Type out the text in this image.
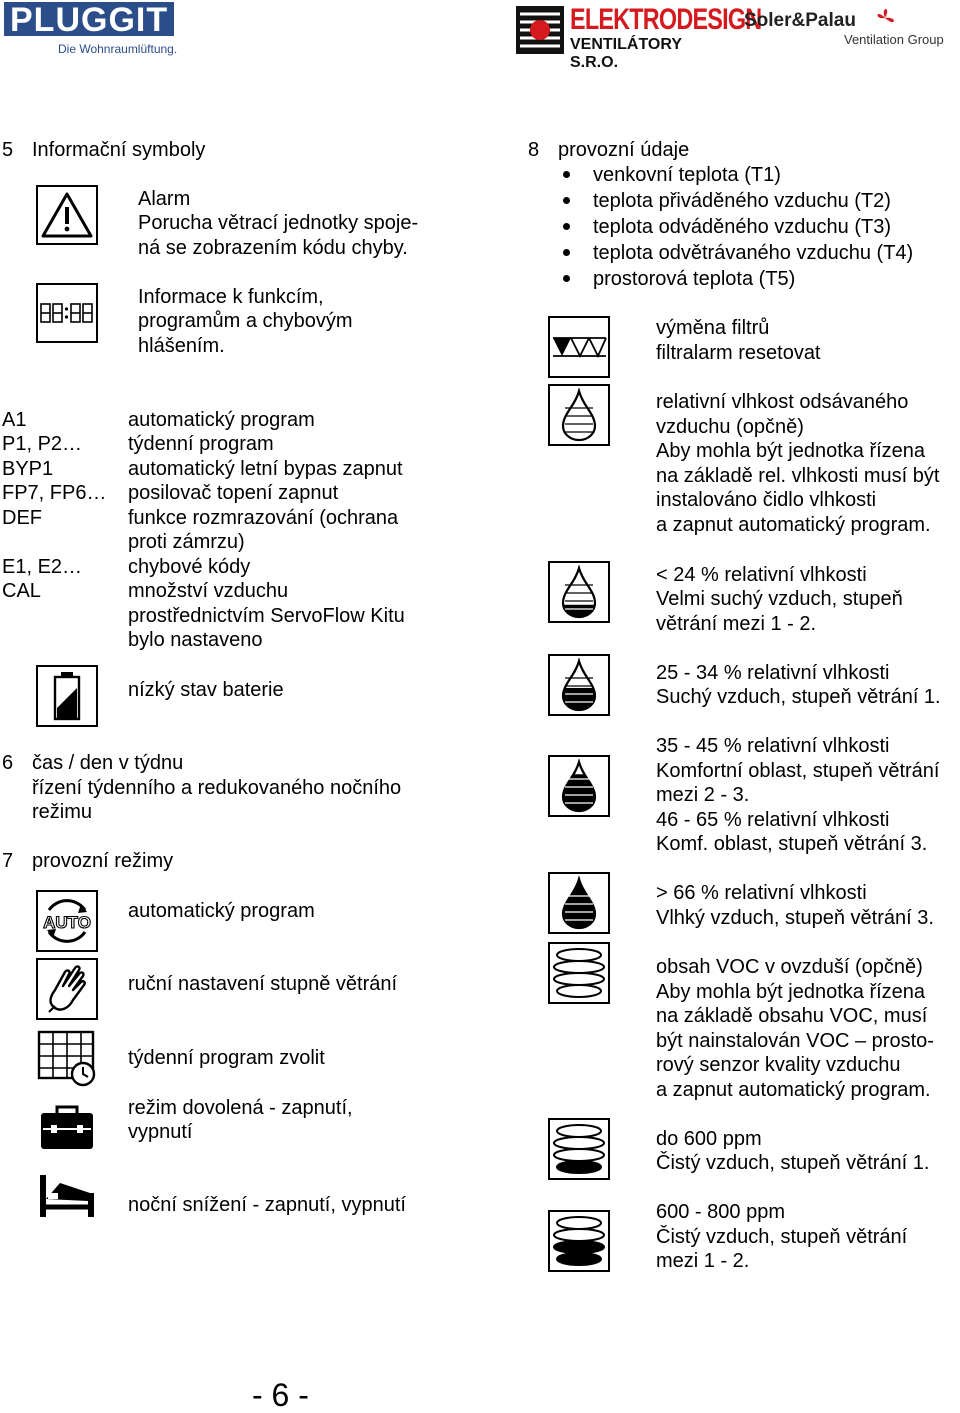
PLUGGIT
Die Wohnraumlüftung.
ELEKTRODESIGN
VENTILÁTORY S.R.O.
Soler&Palau
Ventilation Group
5 Informační symboly
Alarm
Porucha větrací jednotky spoje-
ná se zobrazením kódu chyby.
Informace k funkcím,
programům a chybovým
hlášením.
A1	automatický program
P1, P2… týdenní program
BYP1	automatický letní bypas zapnut
FP7, FP6… posilovač topení zapnut
DEF	funkce rozmrazování (ochrana
proti zámrzu)
E1, E2… chybové kódy
CAL	množství vzduchu
prostřednictvím ServoFlow Kitu
bylo nastaveno
nízký stav baterie
6 čas / den v týdnu
řízení týdenního a redukovaného nočního
režimu
7 provozní režimy
AUTO
automatický program
ruční nastavení stupně větrání
týdenní program zvolit
režim dovolená - zapnutí,
vypnutí
noční snížení - zapnutí, vypnutí
8 provozní údaje
venkovní teplota (T1)
teplota přiváděného vzduchu (T2)
teplota odváděného vzduchu (T3)
teplota odvětrávaného vzduchu (T4)
prostorová teplota (T5)
výměna filtrů
filtralarm resetovat
relativní vlhkost odsávaného
vzduchu (opčně)
Aby mohla být jednotka řízena
na základě rel. vlhkosti musí být
instalováno čidlo vlhkosti
a zapnut automatický program.
< 24 % relativní vlhkosti
Velmi suchý vzduch, stupeň
větrání mezi 1 - 2.
25 - 34 % relativní vlhkosti
Suchý vzduch, stupeň větrání 1.
35 - 45 % relativní vlhkosti
Komfortní oblast, stupeň větrání
mezi 2 - 3.
46 - 65 % relativní vlhkosti
Komf. oblast, stupeň větrání 3.
> 66 % relativní vlhkosti
Vlhký vzduch, stupeň větrání 3.
obsah VOC v ovzduší (opčně)
Aby mohla být jednotka řízena
na základě obsahu VOC, musí
být nainstalován VOC – prosto-
rový senzor kvality vzduchu
a zapnut automatický program.
do 600 ppm
Čistý vzduch, stupeň větrání 1.
600 - 800 ppm
Čistý vzduch, stupeň větrání
mezi 1 - 2.
- 6 -
